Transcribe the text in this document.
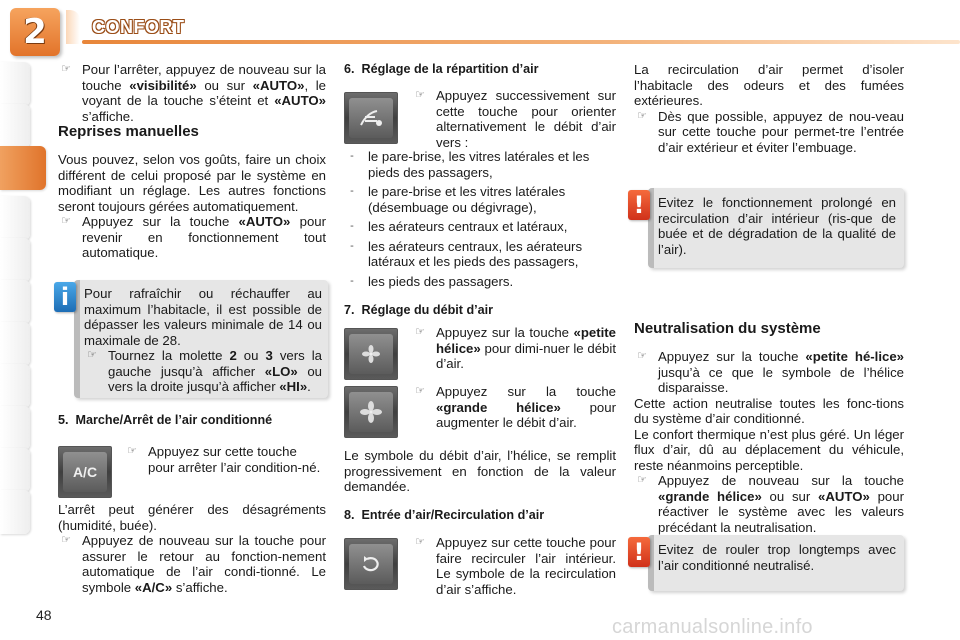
2	CONFORT
☞ Pour l’arrêter, appuyez de nouveau sur la touche «visibilité» ou sur «AUTO», le voyant de la touche s’éteint et «AUTO» s’affiche.
Reprises manuelles

Vous pouvez, selon vos goûts, faire un choix différent de celui proposé par le système en modifiant un réglage. Les autres fonctions seront toujours gérées automatiquement.

☞ Appuyez sur la touche «AUTO» pour revenir en fonctionnement tout automatique.

Pour rafraîchir ou réchauffer au maximum l’habitacle, il est possible de dépasser les valeurs minimale de 14 ou maximale de 28.

☞ Tournez la molette 2 ou 3 vers la gauche jusqu’à afficher «LO» ou vers la droite jusqu’à afficher «HI».
i
5.  Marche/Arrêt de l’air conditionné
A/C
☞ Appuyez sur cette touche pour arrêter l’air condition-né.

L’arrêt peut générer des désagréments (humidité, buée).

☞ Appuyez de nouveau sur la touche pour assurer le retour au fonction-nement automatique de l’air condi-tionné. Le symbole «A/C» s’affiche.
6.  Réglage de la répartition d’air
☞ Appuyez successivement sur cette touche pour orienter alternativement le débit d’air vers :
-	le pare-brise, les vitres latérales et les pieds des passagers,
-	le pare-brise et les vitres latérales (désembuage ou dégivrage),
-	les aérateurs centraux et latéraux,
-	les aérateurs centraux, les aérateurs latéraux et les pieds des passagers,
-	les pieds des passagers.
7.  Réglage du débit d’air
☞ Appuyez sur la touche «petite hélice» pour dimi-nuer le débit d’air.
☞ Appuyez sur la touche «grande hélice» pour augmenter le débit d’air.

Le symbole du débit d’air, l’hélice, se remplit progressivement en fonction de la valeur demandée.

8.  Entrée d’air/Recirculation d’air
☞ Appuyez sur cette touche pour faire recirculer l’air intérieur. Le symbole de la recirculation d’air s’affiche.

La recirculation d’air permet d’isoler l’habitacle des odeurs et des fumées extérieures.

☞ Dès que possible, appuyez de nou-veau sur cette touche pour permet-tre l’entrée d’air extérieur et éviter l’embuage.

Evitez le fonctionnement prolongé en recirculation d’air intérieur (ris-que de buée et de dégradation de la qualité de l’air).

!
Neutralisation du système
☞ Appuyez sur la touche «petite hé-lice» jusqu’à ce que le symbole de l’hélice disparaisse.

Cette action neutralise toutes les fonc-tions du système d’air conditionné.

Le confort thermique n’est plus géré. Un léger flux d’air, dû au déplacement du véhicule, reste néanmoins perceptible.

☞ Appuyez de nouveau sur la touche «grande hélice» ou sur «AUTO» pour réactiver le système avec les valeurs précédant la neutralisation.

Evitez de rouler trop longtemps avec l’air conditionné neutralisé.

!
48
carmanualsonline.info
